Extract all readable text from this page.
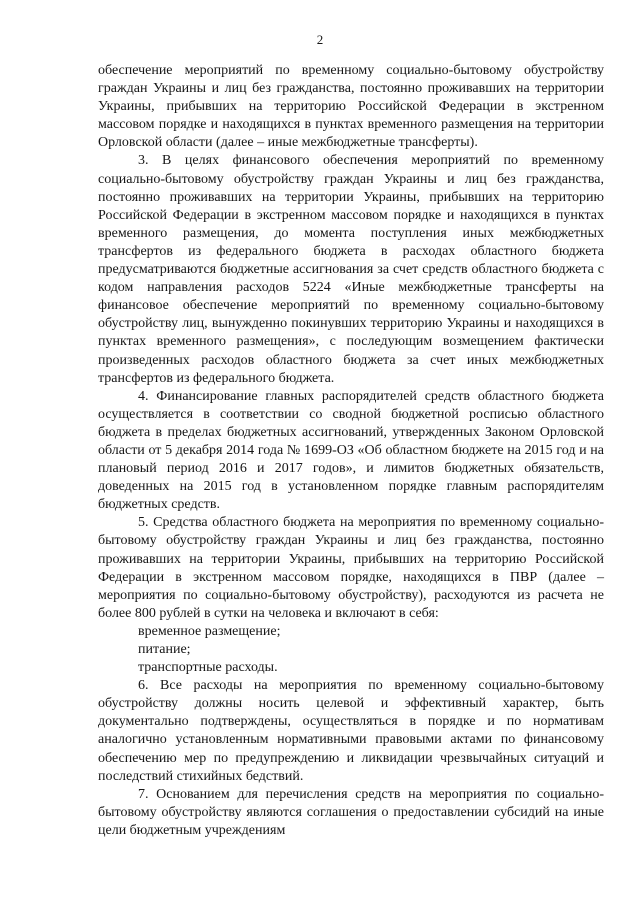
2

обеспечение мероприятий по временному социально-бытовому обустройству граждан Украины и лиц без гражданства, постоянно проживавших на территории Украины, прибывших на территорию Российской Федерации в экстренном массовом порядке и находящихся в пунктах временного размещения на территории Орловской области (далее – иные межбюджетные трансферты).

3. В целях финансового обеспечения мероприятий по временному социально-бытовому обустройству граждан Украины и лиц без гражданства, постоянно проживавших на территории Украины, прибывших на территорию Российской Федерации в экстренном массовом порядке и находящихся в пунктах временного размещения, до момента поступления иных межбюджетных трансфертов из федерального бюджета в расходах областного бюджета предусматриваются бюджетные ассигнования за счет средств областного бюджета с кодом направления расходов 5224 «Иные межбюджетные трансферты на финансовое обеспечение мероприятий по временному социально-бытовому обустройству лиц, вынужденно покинувших территорию Украины и находящихся в пунктах временного размещения», с последующим возмещением фактически произведенных расходов областного бюджета за счет иных межбюджетных трансфертов из федерального бюджета.

4. Финансирование главных распорядителей средств областного бюджета осуществляется в соответствии со сводной бюджетной росписью областного бюджета в пределах бюджетных ассигнований, утвержденных Законом Орловской области от 5 декабря 2014 года № 1699-ОЗ «Об областном бюджете на 2015 год и на плановый период 2016 и 2017 годов», и лимитов бюджетных обязательств, доведенных на 2015 год в установленном порядке главным распорядителям бюджетных средств.

5. Средства областного бюджета на мероприятия по временному социально-бытовому обустройству граждан Украины и лиц без гражданства, постоянно проживавших на территории Украины, прибывших на территорию Российской Федерации в экстренном массовом порядке, находящихся в ПВР (далее – мероприятия по социально-бытовому обустройству), расходуются из расчета не более 800 рублей в сутки на человека и включают в себя:

временное размещение;

питание;

транспортные расходы.

6. Все расходы на мероприятия по временному социально-бытовому обустройству должны носить целевой и эффективный характер, быть документально подтверждены, осуществляться в порядке и по нормативам аналогично установленным нормативными правовыми актами по финансовому обеспечению мер по предупреждению и ликвидации чрезвычайных ситуаций и последствий стихийных бедствий.

7. Основанием для перечисления средств на мероприятия по социально-бытовому обустройству являются соглашения о предоставлении субсидий на иные цели бюджетным учреждениям
